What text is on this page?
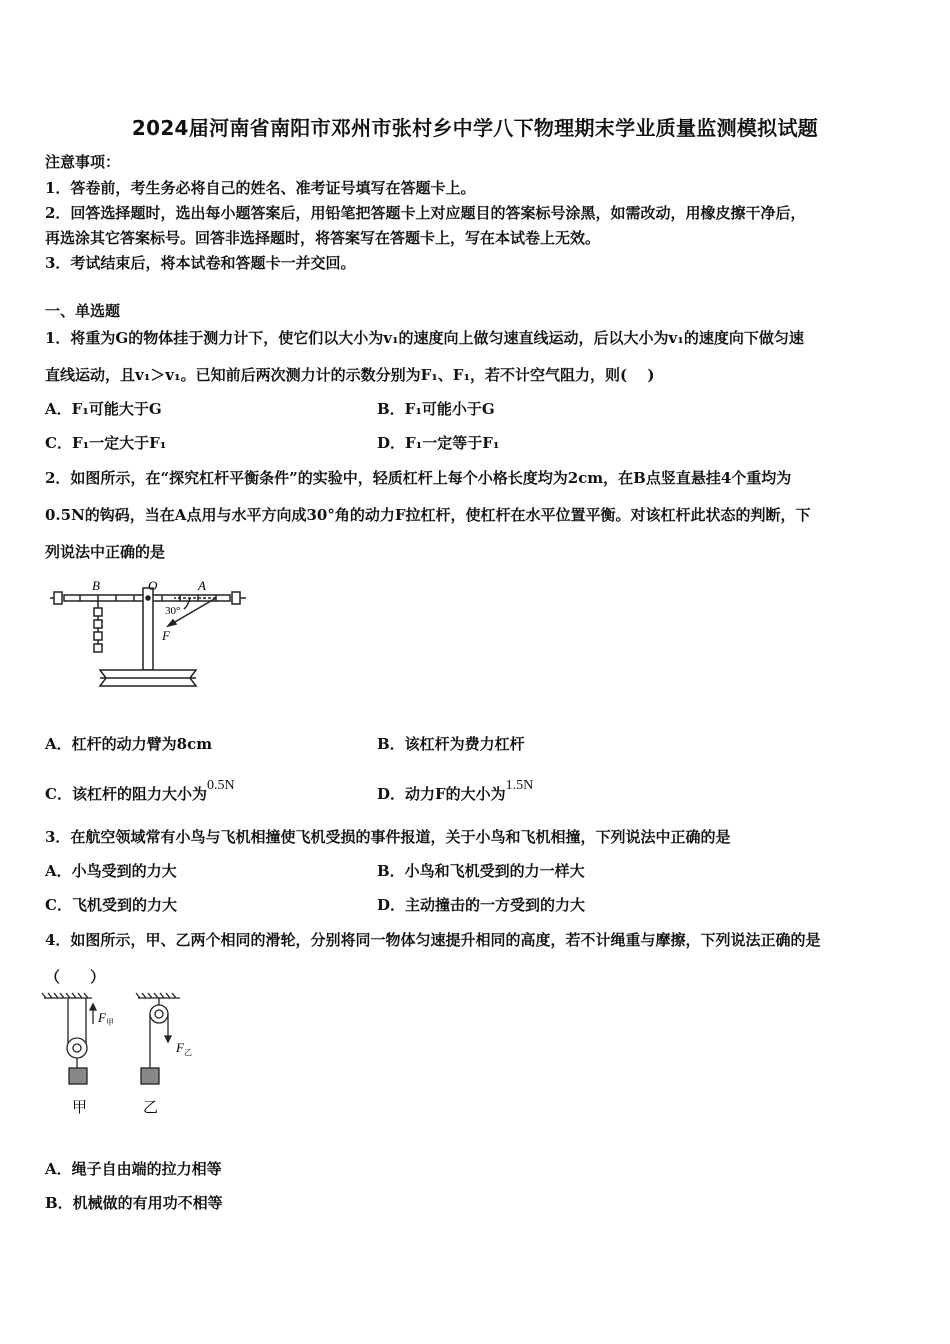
2024届河南省南阳市邓州市张村乡中学八下物理期末学业质量监测模拟试题
注意事项：
1．答卷前，考生务必将自己的姓名、准考证号填写在答题卡上。
2．回答选择题时，选出每小题答案后，用铅笔把答题卡上对应题目的答案标号涂黑，如需改动，用橡皮擦干净后，
再选涂其它答案标号。回答非选择题时，将答案写在答题卡上，写在本试卷上无效。
3．考试结束后，将本试卷和答题卡一并交回。
一、单选题
1．将重为G的物体挂于测力计下，使它们以大小为v₁的速度向上做匀速直线运动，后以大小为v₁的速度向下做匀速
直线运动，且v₁＞v₁。已知前后两次测力计的示数分别为F₁、F₁，若不计空气阻力，则(　 )
A．F₁可能大于G	B．F₁可能小于G
C．F₁一定大于F₁	D．F₁一定等于F₁
2．如图所示，在“探究杠杆平衡条件”的实验中，轻质杠杆上每个小格长度均为2cm，在B点竖直悬挂4个重均为
0.5N的钩码，当在A点用与水平方向成30°角的动力F拉杠杆，使杠杆在水平位置平衡。对该杠杆此状态的判断，下
列说法中正确的是
B	O	A
30°
F
A．杠杆的动力臂为8cm	B．该杠杆为费力杠杆
C．该杠杆的阻力大小为0.5N	D．动力F的大小为1.5N
3．在航空领域常有小鸟与飞机相撞使飞机受损的事件报道，关于小鸟和飞机相撞，下列说法中正确的是
A．小鸟受到的力大	B．小鸟和飞机受到的力一样大
C．飞机受到的力大	D．主动撞击的一方受到的力大
4．如图所示，甲、乙两个相同的滑轮，分别将同一物体匀速提升相同的高度，若不计绳重与摩擦，下列说法正确的是
（　　）
$F_甲$
$F_乙$
甲	乙
A．绳子自由端的拉力相等
B．机械做的有用功不相等
